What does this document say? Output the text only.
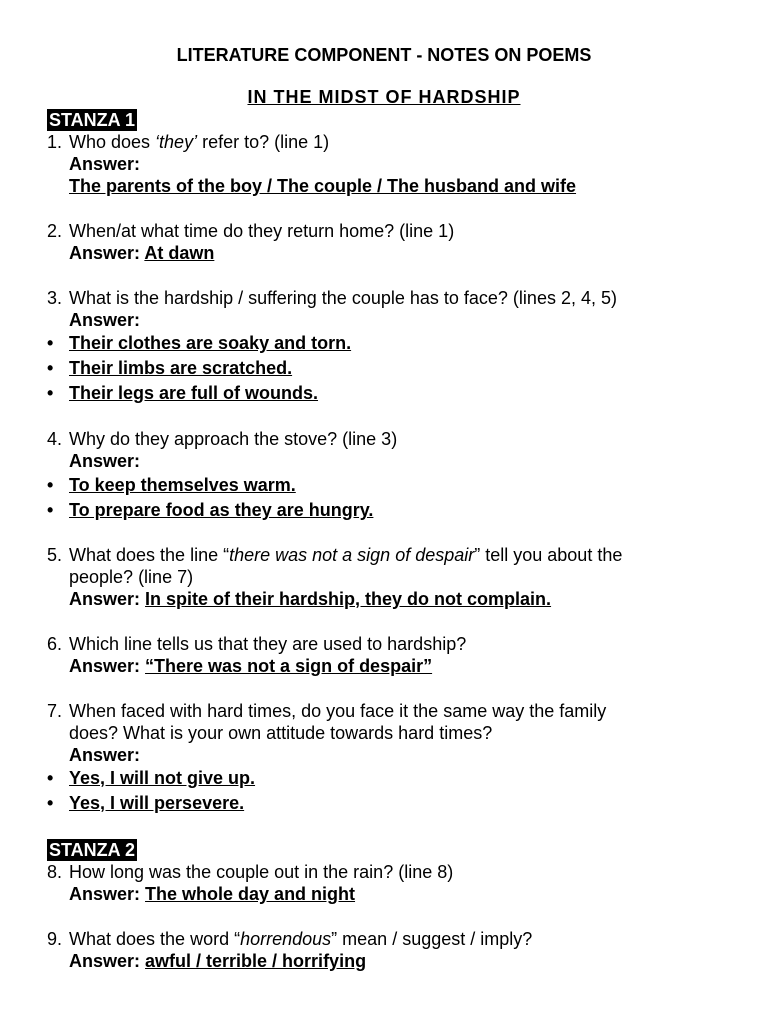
LITERATURE COMPONENT - NOTES ON POEMS
IN THE MIDST OF HARDSHIP
STANZA 1
1. Who does ‘they’ refer to? (line 1)
Answer:
The parents of the boy / The couple / The husband and wife
2. When/at what time do they return home? (line 1)
Answer: At dawn
3. What is the hardship / suffering the couple has to face? (lines 2, 4, 5)
Answer:
• Their clothes are soaky and torn.
• Their limbs are scratched.
• Their legs are full of wounds.
4. Why do they approach the stove? (line 3)
Answer:
• To keep themselves warm.
• To prepare food as they are hungry.
5. What does the line “there was not a sign of despair” tell you about the
people? (line 7)
Answer: In spite of their hardship, they do not complain.
6. Which line tells us that they are used to hardship?
Answer: “There was not a sign of despair”
7. When faced with hard times, do you face it the same way the family
does? What is your own attitude towards hard times?
Answer:
• Yes, I will not give up.
• Yes, I will persevere.
STANZA 2
8. How long was the couple out in the rain? (line 8)
Answer: The whole day and night
9. What does the word “horrendous” mean / suggest / imply?
Answer: awful / terrible / horrifying
